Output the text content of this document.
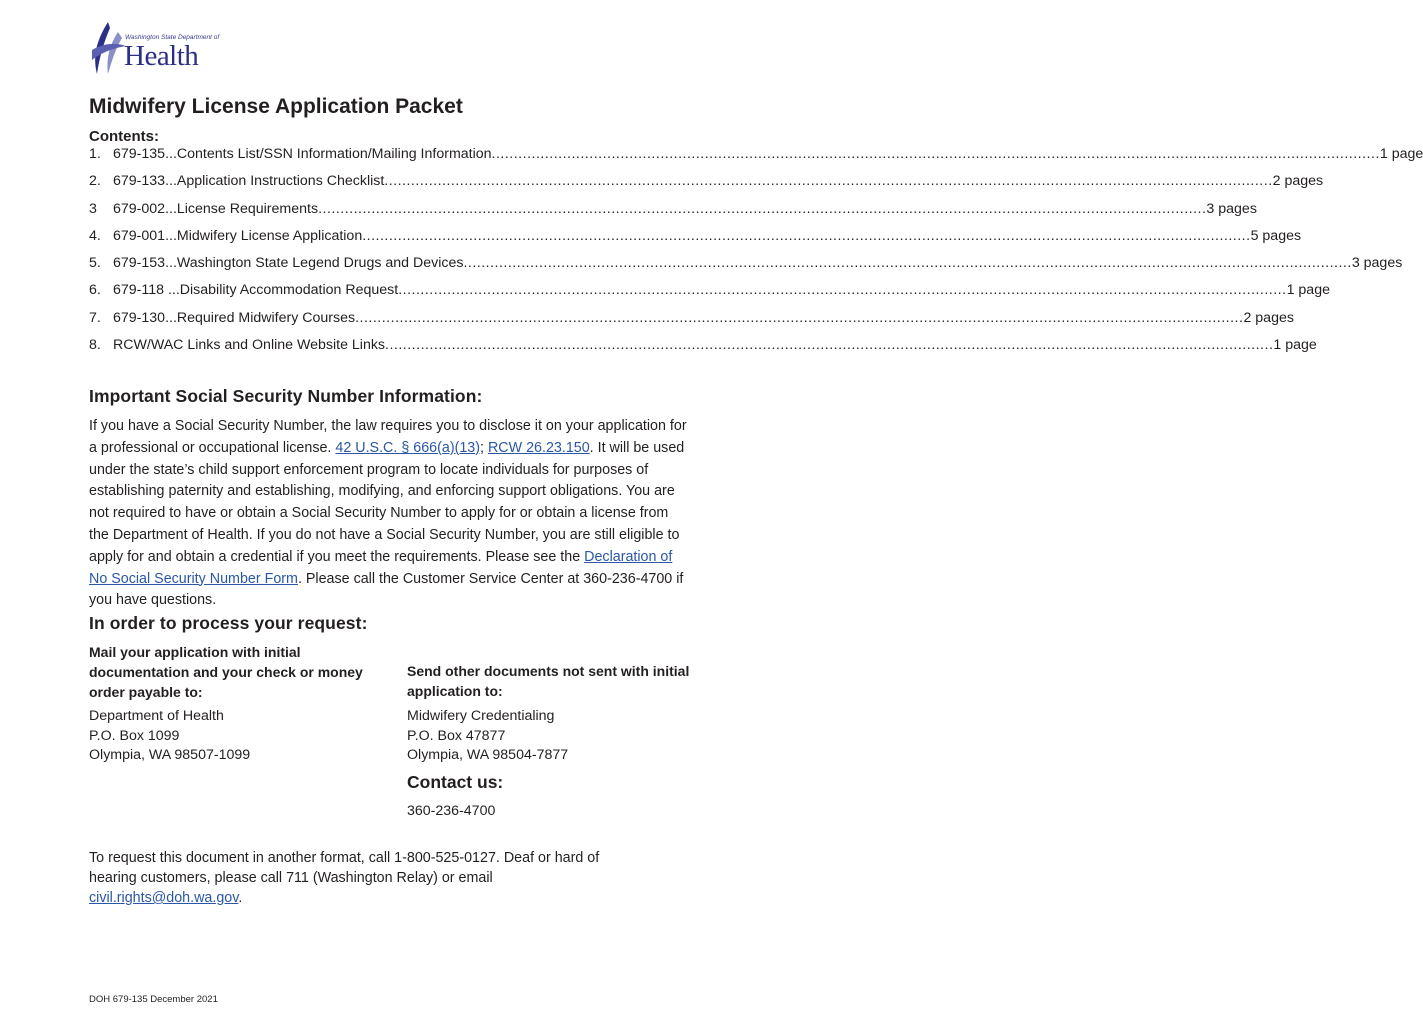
Washington State Department of
Health
Midwifery License Application Packet
Contents:
1. 679-135...Contents List/SSN Information/Mailing Information ........................................................................................................................................................................................................ 1 page
2. 679-133...Application Instructions Checklist ........................................................................................................................................................................................................ 2 pages
3	679-002...License Requirements ........................................................................................................................................................................................................ 3 pages
4. 679-001...Midwifery License Application ........................................................................................................................................................................................................ 5 pages
5. 679-153...Washington State Legend Drugs and Devices ........................................................................................................................................................................................................ 3 pages
6. 679-118 ...Disability Accommodation Request ........................................................................................................................................................................................................ 1 page
7. 679-130...Required Midwifery Courses ........................................................................................................................................................................................................ 2 pages
8. RCW/WAC Links and Online Website Links ........................................................................................................................................................................................................ 1 page
Important Social Security Number Information:
If you have a Social Security Number, the law requires you to disclose it on your application for a professional or occupational license. 42 U.S.C. § 666(a)(13); RCW 26.23.150. It will be used under the state’s child support enforcement program to locate individuals for purposes of establishing paternity and establishing, modifying, and enforcing support obligations. You are not required to have or obtain a Social Security Number to apply for or obtain a license from the Department of Health. If you do not have a Social Security Number, you are still eligible to apply for and obtain a credential if you meet the requirements. Please see the Declaration of No Social Security Number Form. Please call the Customer Service Center at 360-236-4700 if you have questions.
In order to process your request:
Mail your application with initial documentation and your check or money order payable to:
Send other documents not sent with initial application to:
Department of Health
P.O. Box 1099
Olympia, WA 98507-1099
Midwifery Credentialing
P.O. Box 47877
Olympia, WA 98504-7877
Contact us:
360-236-4700
To request this document in another format, call 1-800-525-0127. Deaf or hard of hearing customers, please call 711 (Washington Relay) or email civil.rights@doh.wa.gov.
DOH 679-135 December 2021
